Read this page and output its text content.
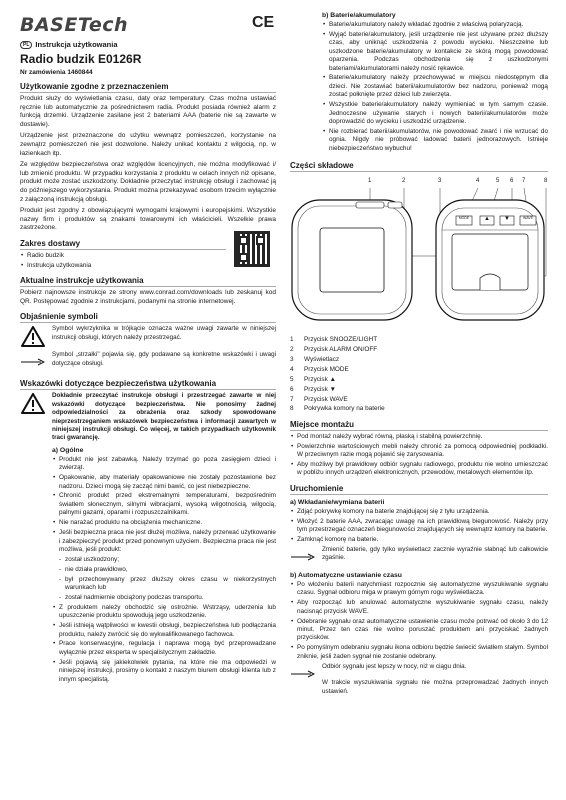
BASETech	CE
PL Instrukcja użytkowania
Radio budzik E0126R
Nr zamówienia 1460844
Użytkowanie zgodne z przeznaczeniem
Produkt służy do wyświetlania czasu, daty oraz temperatury. Czas można ustawiać ręcznie lub automatycznie za pośrednictwem radia. Produkt posiada również alarm z funkcją drzemki. Urządzenie zasilane jest 2 bateriami AAA (baterie nie są zawarte w dostawie).
Urządzenie jest przeznaczone do użytku wewnątrz pomieszczeń, korzystanie na zewnątrz pomieszczeń nie jest dozwolone. Należy unikać kontaktu z wilgocią, np. w łazienkach itp.
Ze względów bezpieczeństwa oraz względów licencyjnych, nie można modyfikować i/ lub zmienić produktu. W przypadku korzystania z produktu w celach innych niż opisane, produkt może zostać uszkodzony. Dokładnie przeczytać instrukcję obsługi i zachować ją do późniejszego wykorzystania. Produkt można przekazywać osobom trzecim wyłącznie z załączoną instrukcją obsługi.
Produkt jest zgodny z obowiązującymi wymogami krajowymi i europejskimi. Wszystkie nazwy firm i produktów są znakami towarowymi ich właścicieli. Wszelkie prawa zastrzeżone.
Zakres dostawy
• Radio budzik
• Instrukcja użytkowania
Aktualne instrukcje użytkowania
Pobierz najnowsze instrukcje ze strony www.conrad.com/downloads lub zeskanuj kod QR. Postępować zgodnie z instrukcjami, podanymi na stronie internetowej.
Objaśnienie symboli
Symbol wykrzyknika w trójkącie oznacza ważne uwagi zawarte w niniejszej instrukcji obsługi, których należy przestrzegać.
Symbol „strzałki" pojawia się, gdy podawane są konkretne wskazówki i uwagi dotyczące obsługi.
Wskazówki dotyczące bezpieczeństwa użytkowania
Dokładnie przeczytać instrukcje obsługi i przestrzegać zawarte w niej wskazówki dotyczące bezpieczeństwa. Nie ponosimy żadnej odpowiedzialności za obrażenia oraz szkody spowodowane nieprzestrzeganiem wskazówek bezpieczeństwa i informacji zawartych w niniejszej instrukcji obsługi. Co więcej, w takich przypadkach użytkownik traci gwarancję.
a) Ogólne
• Produkt nie jest zabawką. Należy trzymać go poza zasięgiem dzieci i zwierząt.
• Opakowanie, aby materiały opakowaniowe nie zostały pozostawione bez nadzoru. Dzieci mogą się zacząć nimi bawić, co jest niebezpieczne.
• Chronić produkt przed ekstremalnymi temperaturami, bezpośrednim światłem słonecznym, silnymi wibracjami, wysoką wilgotnością, wilgocią, palnymi gazami, oparami i rozpuszczalnikami.
• Nie narażać produktu na obciążenia mechaniczne.
• Jeśli bezpieczna praca nie jest dłużej możliwa, należy przerwać użytkowanie i zabezpieczyć produkt przed ponownym użyciem. Bezpieczna praca nie jest możliwa, jeśli produkt:
- został uszkodzony;
- nie działa prawidłowo,
- był przechowywany przez dłuższy okres czasu w niekorzystnych warunkach lub
- został nadmiernie obciążony podczas transportu.
• Z produktem należy obchodzić się ostrożnie. Wstrząsy, uderzenia lub upuszczenie produktu spowodują jego uszkodzenie.
• Jeśli istnieją wątpliwości w kwestii obsługi, bezpieczeństwa lub podłączania produktu, należy zwrócić się do wykwalifikowanego fachowca.
• Prace konserwacyjne, regulacja i naprawa mogą być przeprowadzane wyłącznie przez eksperta w specjalistycznym zakładzie.
• Jeśli pojawią się jakiekolwiek pytania, na które nie ma odpowiedzi w niniejszej instrukcji, prosimy o kontakt z naszym biurem obsługi klienta lub z innym specjalistą.
b) Baterie/akumulatory
• Baterie/akumulatory należy wkładać zgodnie z właściwą polaryzacją.
• Wyjąć baterie/akumulatory, jeśli urządzenie nie jest używane przez dłuższy czas, aby uniknąć uszkodzenia z powodu wycieku. Nieszczelne lub uszkodzone baterie/akumulatory w kontakcie ze skórą mogą powodować oparzenia. Podczas obchodzenia się z uszkodzonymi bateriami/akumulatorami należy nosić rękawice.
• Baterie/akumulatory należy przechowywać w miejscu niedostępnym dla dzieci. Nie zostawiać baterii/akumulatorów bez nadzoru, ponieważ mogą zostać połknięte przez dzieci lub zwierzęta.
• Wszystkie baterie/akumulatory należy wymieniać w tym samym czasie. Jednoczesne używanie starych i nowych baterii/akumulatorów może doprowadzić do wycieku i uszkodzić urządzenie.
• Nie rozbierać baterii/akumulatorów, nie powodować zwarć i nie wrzucać do ognia. Nigdy nie próbować ładować baterii jednorazowych. Istnieje niebezpieczeństwo wybuchu!
Części składowe
1	2	3	4	5	6	7	8
MODE	▲	▼	WAVE
1 Przycisk SNOOZE/LIGHT
2 Przycisk ALARM ON/OFF
3 Wyświetlacz
4 Przycisk MODE
5 Przycisk ▲
6 Przycisk ▼
7 Przycisk WAVE
8 Pokrywka komory na baterie
Miejsce montażu
• Pod montaż należy wybrać równą, płaską i stabilną powierzchnię.
• Powierzchnie wartościowych mebli należy chronić za pomocą odpowiedniej podkładki. W przeciwnym razie mogą pojawić się zarysowania.
• Aby możliwy był prawidłowy odbiór sygnału radiowego, produktu nie wolno umieszczać w pobliżu innych urządzeń elektronicznych, przewodów, metalowych elementów itp.
Uruchomienie
a) Wkładanie/wymiana baterii
• Zdjąć pokrywkę komory na baterie znajdującej się z tyłu urządzenia.
• Włożyć 2 baterie AAA, zwracając uwagę na ich prawidłową biegunowość. Należy przy tym przestrzegać oznaczeń biegunowości znajdujących się wewnątrz komory na baterie.
• Zamknąć komorę na baterie.
Zmienić baterie, gdy tylko wyświetlacz zacznie wyraźnie słabnąć lub całkowicie zgaśnie.
b) Automatyczne ustawianie czasu
• Po włożeniu baterii natychmiast rozpocznie się automatyczne wyszukiwanie sygnału czasu. Sygnał odbioru miga w prawym górnym rogu wyświetlacza.
• Aby rozpocząć lub anulować automatyczne wyszukiwanie sygnału czasu, należy nacisnąć przycisk WAVE.
• Odebranie sygnału oraz automatyczne ustawienie czasu może potrwać od około 3 do 12 minut. Przez ten czas nie wolno poruszać produktem ani przyciskać żadnych przycisków.
• Po pomyślnym odebraniu sygnału ikona odbioru będzie świecić światłem stałym. Symbol zniknie, jeśli żaden sygnał nie zostanie odebrany.
Odbiór sygnału jest lepszy w nocy, niż w ciągu dnia.

W trakcie wyszukiwania sygnału nie można przeprowadzać żadnych innych ustawień.
